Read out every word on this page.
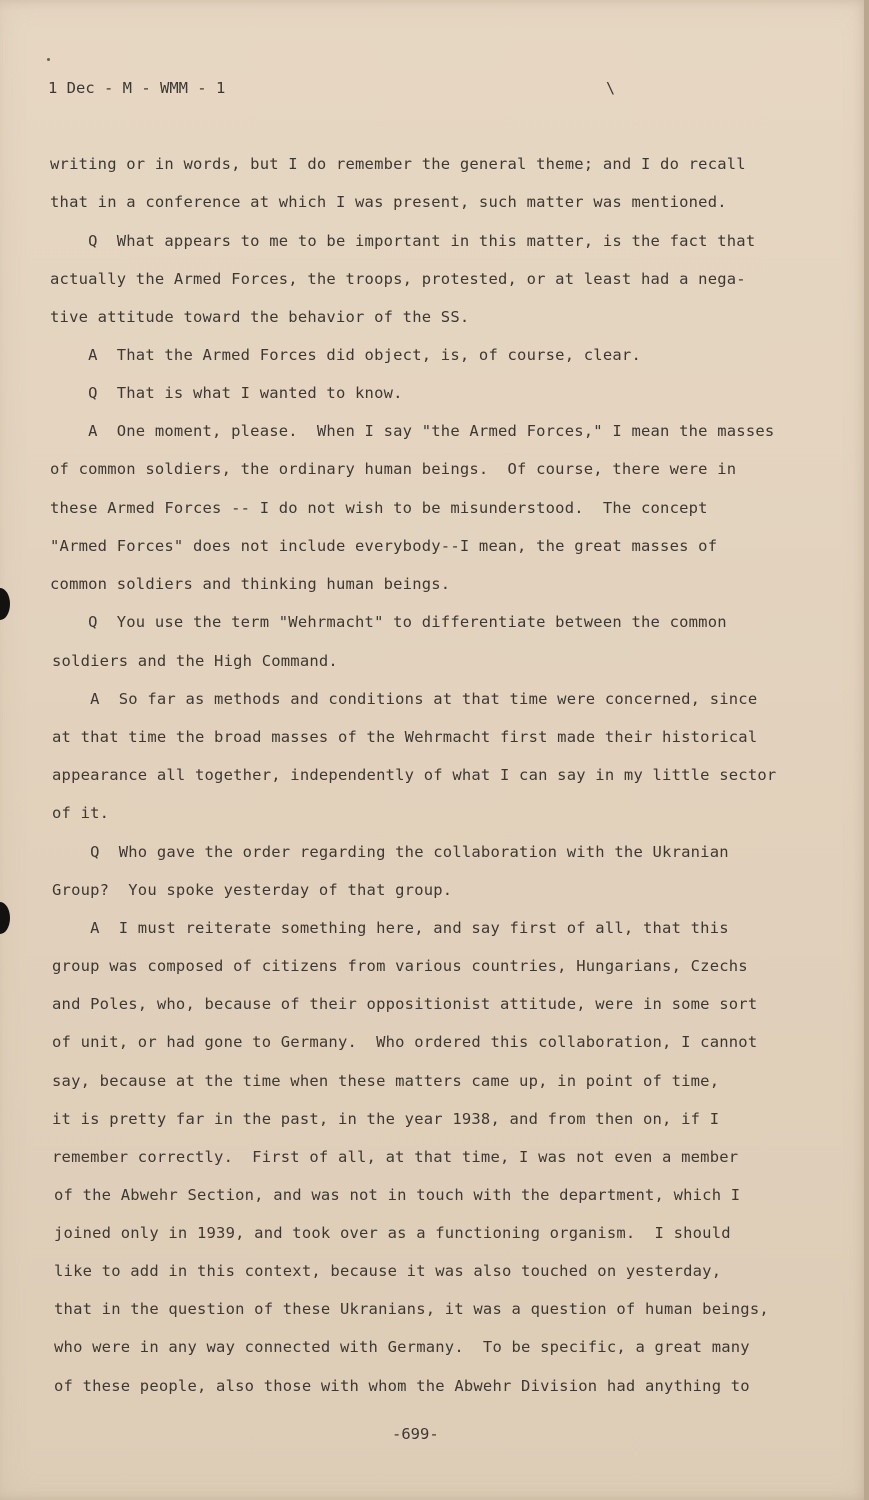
1 Dec - M - WMM - 1	\
writing or in words, but I do remember the general theme; and I do recall
that in a conference at which I was present, such matter was mentioned.
Q  What appears to me to be important in this matter, is the fact that
actually the Armed Forces, the troops, protested, or at least had a nega-
tive attitude toward the behavior of the SS.
A  That the Armed Forces did object, is, of course, clear.
Q  That is what I wanted to know.
A  One moment, please.  When I say "the Armed Forces," I mean the masses
of common soldiers, the ordinary human beings.  Of course, there were in
these Armed Forces -- I do not wish to be misunderstood.  The concept
"Armed Forces" does not include everybody--I mean, the great masses of
common soldiers and thinking human beings.
Q  You use the term "Wehrmacht" to differentiate between the common
soldiers and the High Command.
A  So far as methods and conditions at that time were concerned, since
at that time the broad masses of the Wehrmacht first made their historical
appearance all together, independently of what I can say in my little sector
of it.
Q  Who gave the order regarding the collaboration with the Ukranian
Group?  You spoke yesterday of that group.
A  I must reiterate something here, and say first of all, that this
group was composed of citizens from various countries, Hungarians, Czechs
and Poles, who, because of their oppositionist attitude, were in some sort
of unit, or had gone to Germany.  Who ordered this collaboration, I cannot
say, because at the time when these matters came up, in point of time,
it is pretty far in the past, in the year 1938, and from then on, if I
remember correctly.  First of all, at that time, I was not even a member
of the Abwehr Section, and was not in touch with the department, which I
joined only in 1939, and took over as a functioning organism.  I should
like to add in this context, because it was also touched on yesterday,
that in the question of these Ukranians, it was a question of human beings,
who were in any way connected with Germany.  To be specific, a great many
of these people, also those with whom the Abwehr Division had anything to
-699-
